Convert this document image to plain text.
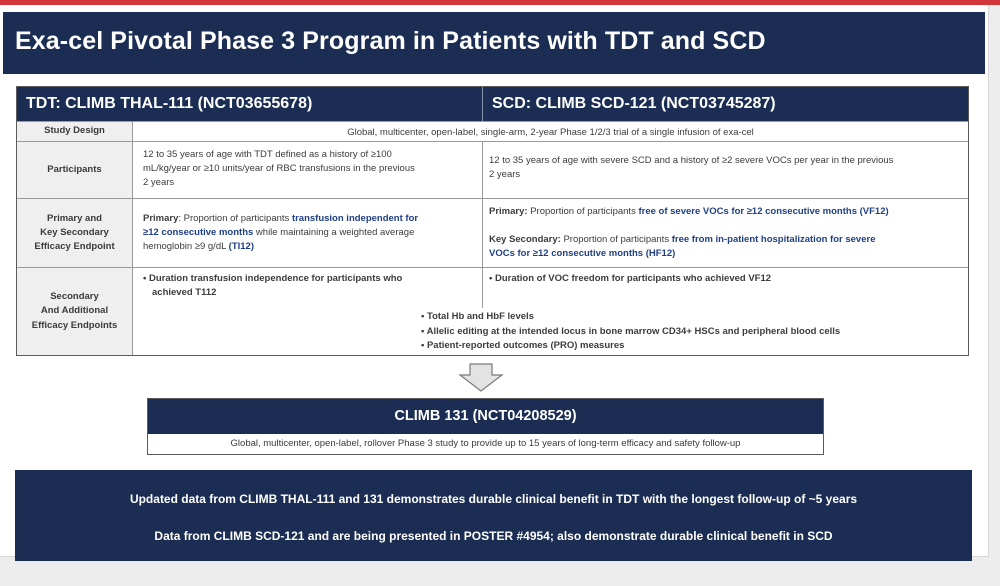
Exa-cel Pivotal Phase 3 Program in Patients with TDT and SCD
TDT: CLIMB THAL-111 (NCT03655678)	SCD: CLIMB SCD-121 (NCT03745287)
Study Design	Global, multicenter, open-label, single-arm, 2-year Phase 1/2/3 trial of a single infusion of exa-cel
Participants
12 to 35 years of age with TDT defined as a history of ≥100
mL/kg/year or ≥10 units/year of RBC transfusions in the previous
2 years
12 to 35 years of age with severe SCD and a history of ≥2 severe VOCs per year in the previous
2 years
Primary and
Key Secondary
Efficacy Endpoint
Primary: Proportion of participants transfusion independent for
≥12 consecutive months while maintaining a weighted average
hemoglobin ≥9 g/dL (TI12)
Primary: Proportion of participants free of severe VOCs for ≥12 consecutive months (VF12)
Key Secondary: Proportion of participants free from in-patient hospitalization for severe
VOCs for ≥12 consecutive months (HF12)
Secondary
And Additional
Efficacy Endpoints
• Duration transfusion independence for participants who
achieved T112
• Duration of VOC freedom for participants who achieved VF12
• Total Hb and HbF levels
• Allelic editing at the intended locus in bone marrow CD34+ HSCs and peripheral blood cells
• Patient-reported outcomes (PRO) measures
CLIMB 131 (NCT04208529)
Global, multicenter, open-label, rollover Phase 3 study to provide up to 15 years of long-term efficacy and safety follow-up
Updated data from CLIMB THAL-111 and 131 demonstrates durable clinical benefit in TDT with the longest follow-up of ~5 years
Data from CLIMB SCD-121 and are being presented in POSTER #4954; also demonstrate durable clinical benefit in SCD
